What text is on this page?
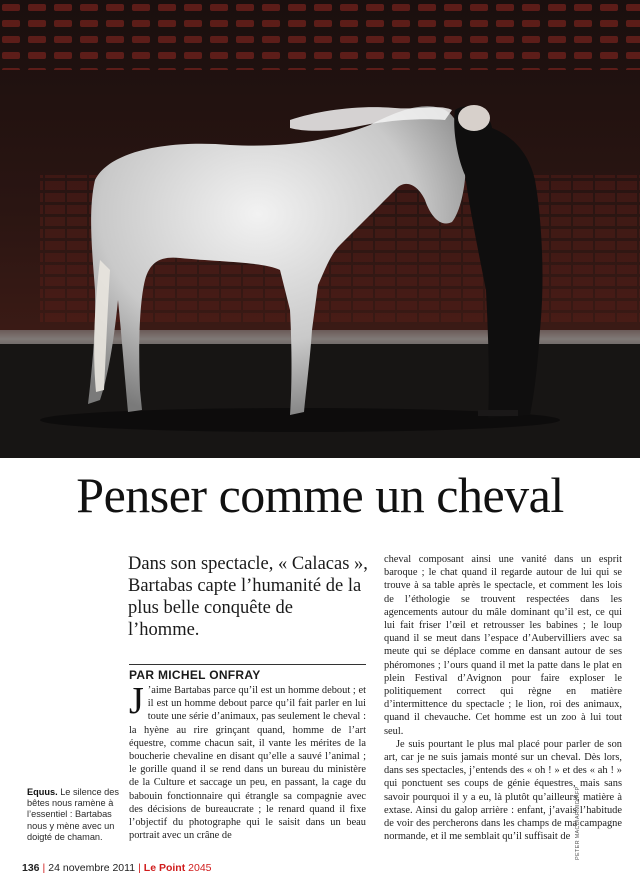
Penser comme un cheval

Dans son spectacle, « Calacas », Bartabas capte l’humanité de la plus belle conquête de l’homme.

PAR MICHEL ONFRAY

J ’aime Bartabas parce qu’il est un homme debout ; et il est un homme debout parce qu’il fait parler en lui toute une série d’animaux, pas seulement le cheval : la hyène au rire grinçant quand, homme de l’art équestre, comme chacun sait, il vante les mérites de la boucherie chevaline en disant qu’elle a sauvé l’animal ; le gorille quand il se rend dans un bureau du ministère de la Culture et saccage un peu, en passant, la cage du babouin fonctionnaire qui étrangle sa compagnie avec des décisions de bureaucrate ; le renard quand il fixe l’objectif du photographe qui le saisit dans un beau portrait avec un crâne de

cheval composant ainsi une vanité dans un esprit baroque ; le chat quand il regarde autour de lui qui se trouve à sa table après le spectacle, et comment les lois de l’éthologie se trouvent respectées dans les agencements autour du mâle dominant qu’il est, ce qui lui fait friser l’œil et retrousser les babines ; le loup quand il se meut dans l’espace d’Aubervilliers avec sa meute qui se déplace comme en dansant autour de ses phéromones ; l’ours quand il met la patte dans le plat en plein Festival d’Avignon pour faire exploser le politiquement correct qui règne en matière d’intermittence du spectacle ; le lion, roi des animaux, quand il chevauche. Cet homme est un zoo à lui tout seul.

Je suis pourtant le plus mal placé pour parler de son art, car je ne suis jamais monté sur un cheval. Dès lors, dans ses spectacles, j’entends des « oh ! » et des « ah ! » qui ponctuent ses coups de génie équestres, mais sans savoir pourquoi il y a eu, là plutôt qu’ailleurs, matière à extase. Ainsi du galop arrière : enfant, j’avais l’habitude de voir des percherons dans les champs de ma campagne normande, et il me semblait qu’il suffisait de

Equus. Le silence des bêtes nous ramène à l’essentiel : Bartabas nous y mène avec un doigté de chaman.	PETER MACDIARMID/AFP
136 | 24 novembre 2011 | Le Point 2045
